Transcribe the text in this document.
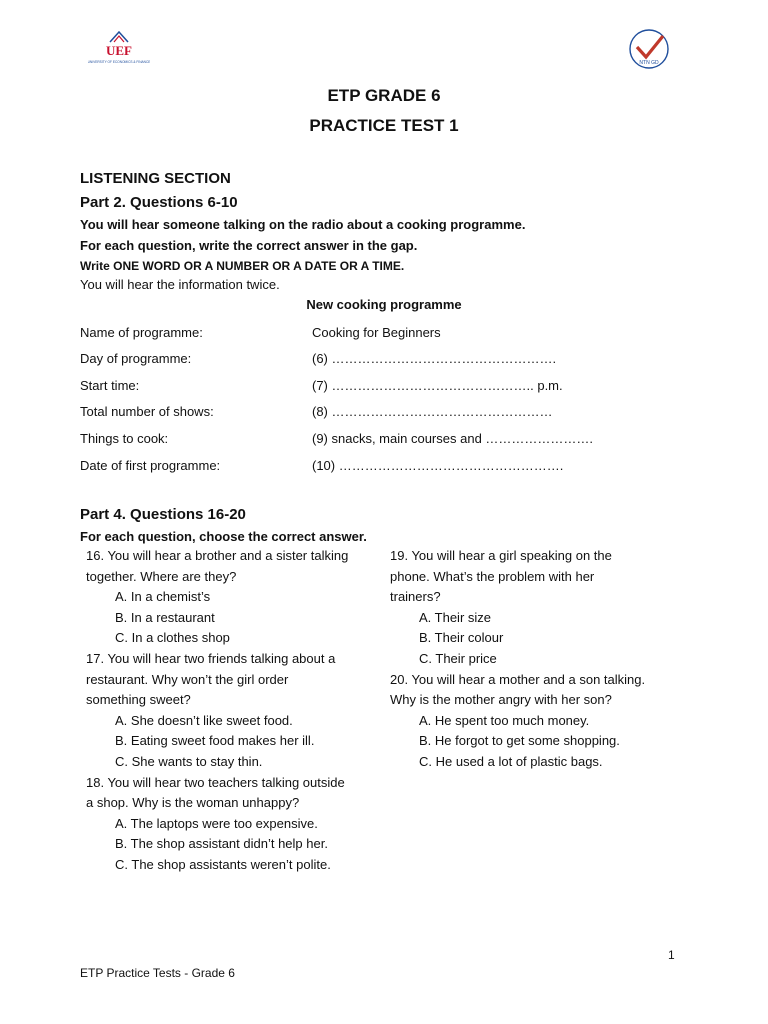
UEF
UNIVERSITY OF ECONOMICS & FINANCE	NTN GD
ETP GRADE 6
PRACTICE TEST 1
LISTENING SECTION
Part 2. Questions 6-10
You will hear someone talking on the radio about a cooking programme.
For each question, write the correct answer in the gap.
Write ONE WORD OR A NUMBER OR A DATE OR A TIME.
You will hear the information twice.
New cooking programme
Name of programme:	Cooking for Beginners
Day of programme:	(6) …………………………………………….
Start time:	(7) ……………………………………….. p.m.
Total number of shows:	(8) ……………………………………………
Things to cook:	(9) snacks, main courses and …………………….
Date of first programme:	(10) …………………………………………….
Part 4. Questions 16-20
For each question, choose the correct answer.

16. You will hear a brother and a sister talking

together. Where are they?

A. In a chemist’s

B. In a restaurant

C. In a clothes shop

17. You will hear two friends talking about a

restaurant. Why won’t the girl order

something sweet?

A. She doesn’t like sweet food.

B. Eating sweet food makes her ill.

C. She wants to stay thin.

18. You will hear two teachers talking outside

a shop. Why is the woman unhappy?

A. The laptops were too expensive.

B. The shop assistant didn’t help her.

C. The shop assistants weren’t polite.

19. You will hear a girl speaking on the

phone. What’s the problem with her

trainers?

A. Their size

B. Their colour

C. Their price

20. You will hear a mother and a son talking.

Why is the mother angry with her son?

A. He spent too much money.

B. He forgot to get some shopping.

C. He used a lot of plastic bags.

1
ETP Practice Tests - Grade 6
